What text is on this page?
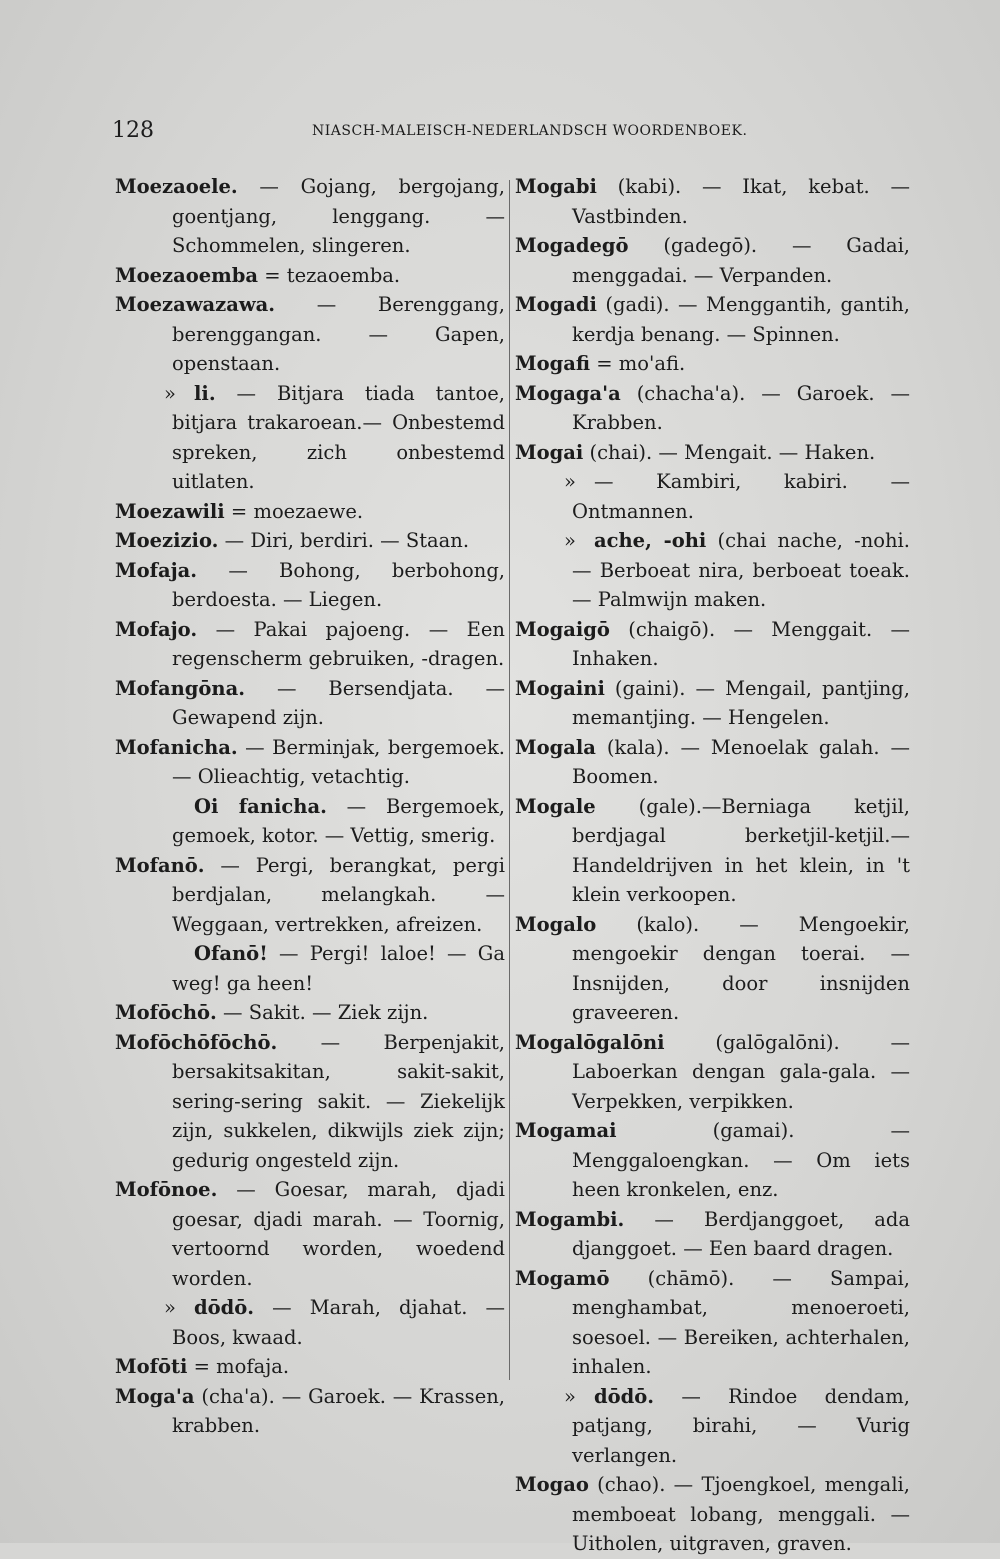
128	NIASCH-MALEISCH-NEDERLANDSCH WOORDENBOEK.
Moezaoele. — Gojang, bergojang, goentjang, lenggang. — Schommelen, slingeren.
Moezaoemba = tezaoemba.
Moezawazawa. — Berenggang, berenggangan. — Gapen, openstaan.
» li. — Bitjara tiada tantoe, bitjara trakaroean.— Onbestemd spreken, zich onbestemd uitlaten.
Moezawili = moezaewe.
Moezizio. — Diri, berdiri. — Staan.
Mofaja. — Bohong, berbohong, berdoesta. — Liegen.
Mofajo. — Pakai pajoeng. — Een regenscherm gebruiken, -dragen.
Mofangōna. — Bersendjata. — Gewapend zijn.
Mofanicha. — Berminjak, bergemoek. — Olieachtig, vetachtig.
Oi fanicha. — Bergemoek, gemoek, kotor. — Vettig, smerig.
Mofanō. — Pergi, berangkat, pergi berdjalan, melangkah. — Weggaan, vertrekken, afreizen.
Ofanō! — Pergi! laloe! — Ga weg! ga heen!
Mofōchō. — Sakit. — Ziek zijn.
Mofōchōfōchō. — Berpenjakit, bersakitsakitan, sakit-sakit, sering-sering sakit. — Ziekelijk zijn, sukkelen, dikwijls ziek zijn; gedurig ongesteld zijn.
Mofōnoe. — Goesar, marah, djadi goesar, djadi marah. — Toornig, vertoornd worden, woedend worden.
» dōdō. — Marah, djahat. — Boos, kwaad.
Mofōti = mofaja.
Moga'a (cha'a). — Garoek. — Krassen, krabben.
Mogabi (kabi). — Ikat, kebat. — Vastbinden.
Mogadegō (gadegō). — Gadai, menggadai. — Verpanden.
Mogadi (gadi). — Menggantih, gantih, kerdja benang. — Spinnen.
Mogafi = mo'afi.
Mogaga'a (chacha'a). — Garoek. — Krabben.
Mogai (chai). — Mengait. — Haken.
» — Kambiri, kabiri. — Ontmannen.
» ache, -ohi (chai nache, -nohi. — Berboeat nira, berboeat toeak. — Palmwijn maken.
Mogaigō (chaigō). — Menggait. — Inhaken.
Mogaini (gaini). — Mengail, pantjing, memantjing. — Hengelen.
Mogala (kala). — Menoelak galah. — Boomen.
Mogale (gale).—Berniaga ketjil, berdjagal berketjil-ketjil.—Handeldrijven in het klein, in 't klein verkoopen.
Mogalo (kalo). — Mengoekir, mengoekir dengan toerai. — Insnijden, door insnijden graveeren.
Mogalōgalōni (galōgalōni). — Laboerkan dengan gala-gala. — Verpekken, verpikken.
Mogamai (gamai). — Menggaloengkan. — Om iets heen kronkelen, enz.
Mogambi. — Berdjanggoet, ada djanggoet. — Een baard dragen.
Mogamō (chāmō). — Sampai, menghambat, menoeroeti, soesoel. — Bereiken, achterhalen, inhalen.
» dōdō. — Rindoe dendam, patjang, birahi, — Vurig verlangen.
Mogao (chao). — Tjoengkoel, mengali, memboeat lobang, menggali. — Uitholen, uitgraven, graven.
